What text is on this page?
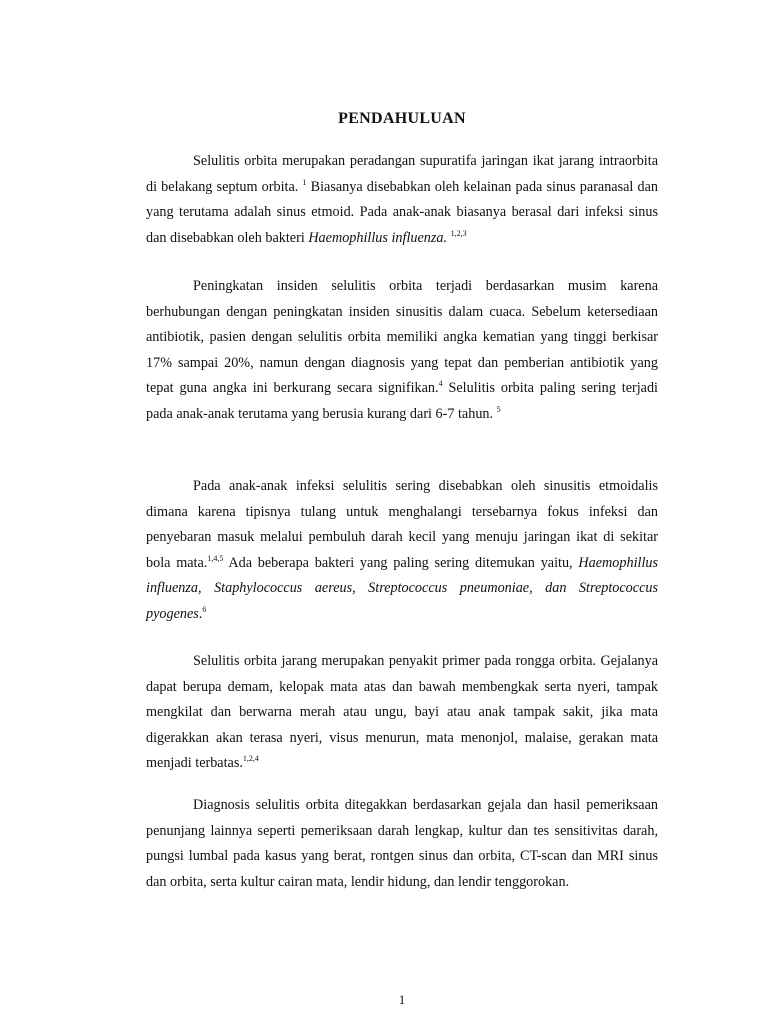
PENDAHULUAN

Selulitis orbita merupakan peradangan supuratifa jaringan ikat jarang intraorbita di belakang septum orbita. $^1$ Biasanya disebabkan oleh kelainan pada sinus paranasal dan yang terutama adalah sinus etmoid. Pada anak-anak biasanya berasal dari infeksi sinus dan disebabkan oleh bakteri Haemophillus influenza. $^{1,2,3}$

Peningkatan insiden selulitis orbita terjadi berdasarkan musim karena berhubungan dengan peningkatan insiden sinusitis dalam cuaca. Sebelum ketersediaan antibiotik, pasien dengan selulitis orbita memiliki angka kematian yang tinggi berkisar 17% sampai 20%, namun dengan diagnosis yang tepat dan pemberian antibiotik yang tepat guna angka ini berkurang secara signifikan.$^4$ Selulitis orbita paling sering terjadi pada anak-anak terutama yang berusia kurang dari 6-7 tahun. $^5$

Pada anak-anak infeksi selulitis sering disebabkan oleh sinusitis etmoidalis dimana karena tipisnya tulang untuk menghalangi tersebarnya fokus infeksi dan penyebaran masuk melalui pembuluh darah kecil yang menuju jaringan ikat di sekitar bola mata.$^{1,4,5}$ Ada beberapa bakteri yang paling sering ditemukan yaitu, Haemophillus influenza, Staphylococcus aereus, Streptococcus pneumoniae, dan Streptococcus pyogenes.$^6$

Selulitis orbita jarang merupakan penyakit primer pada rongga orbita. Gejalanya dapat berupa demam, kelopak mata atas dan bawah membengkak serta nyeri, tampak mengkilat dan berwarna merah atau ungu, bayi atau anak tampak sakit, jika mata digerakkan akan terasa nyeri, visus menurun, mata menonjol, malaise, gerakan mata menjadi terbatas.$^{1,2,4}$

Diagnosis selulitis orbita ditegakkan berdasarkan gejala dan hasil pemeriksaan penunjang lainnya seperti pemeriksaan darah lengkap, kultur dan tes sensitivitas darah, pungsi lumbal pada kasus yang berat, rontgen sinus dan orbita, CT-scan dan MRI sinus dan orbita, serta kultur cairan mata, lendir hidung, dan lendir tenggorokan.

1
